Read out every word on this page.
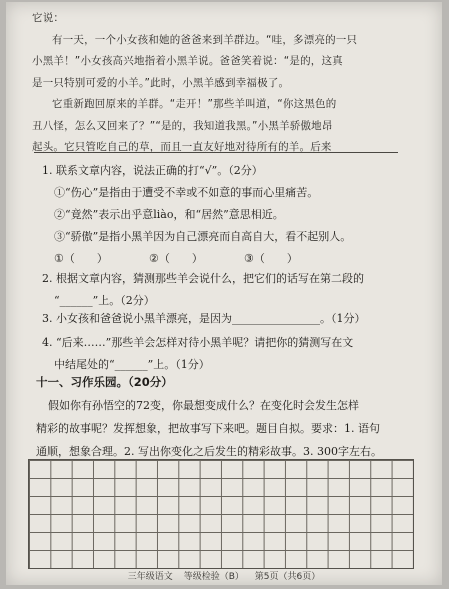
它说：

有一天，一个小女孩和她的爸爸来到羊群边。“哇，多漂亮的一只

小黑羊！”小女孩高兴地指着小黑羊说。爸爸笑着说：“是的，这真

是一只特别可爱的小羊。”此时，小黑羊感到幸福极了。

它重新跑回原来的羊群。“走开！”那些羊叫道，“你这黑色的

丑八怪，怎么又回来了？”“是的，我知道我黑。”小黑羊骄傲地昂

起头。它只管吃自己的草，而且一直友好地对待所有的羊。后来

1. 联系文章内容，说法正确的打“√”。（2分）

①“伤心”是指由于遭受不幸或不如意的事而心里痛苦。

②“竟然”表示出乎意liào，和“居然”意思相近。

③“骄傲”是指小黑羊因为自己漂亮而自高自大，看不起别人。

①（　　）	②（　　）	③（　　）

2. 根据文章内容，猜测那些羊会说什么，把它们的话写在第二段的

“______”上。（2分）

3. 小女孩和爸爸说小黑羊漂亮，是因为________________。（1分）

4. “后来……”那些羊会怎样对待小黑羊呢？请把你的猜测写在文

中结尾处的“______”上。（1分）

十一、习作乐园。（20分）

假如你有孙悟空的72变，你最想变成什么？在变化时会发生怎样

精彩的故事呢？发挥想象，把故事写下来吧。题目自拟。要求：1. 语句

通顺，想象合理。2. 写出你变化之后发生的精彩故事。3. 300字左右。

三年级语文 等级检验（B） 第5页（共6页）
